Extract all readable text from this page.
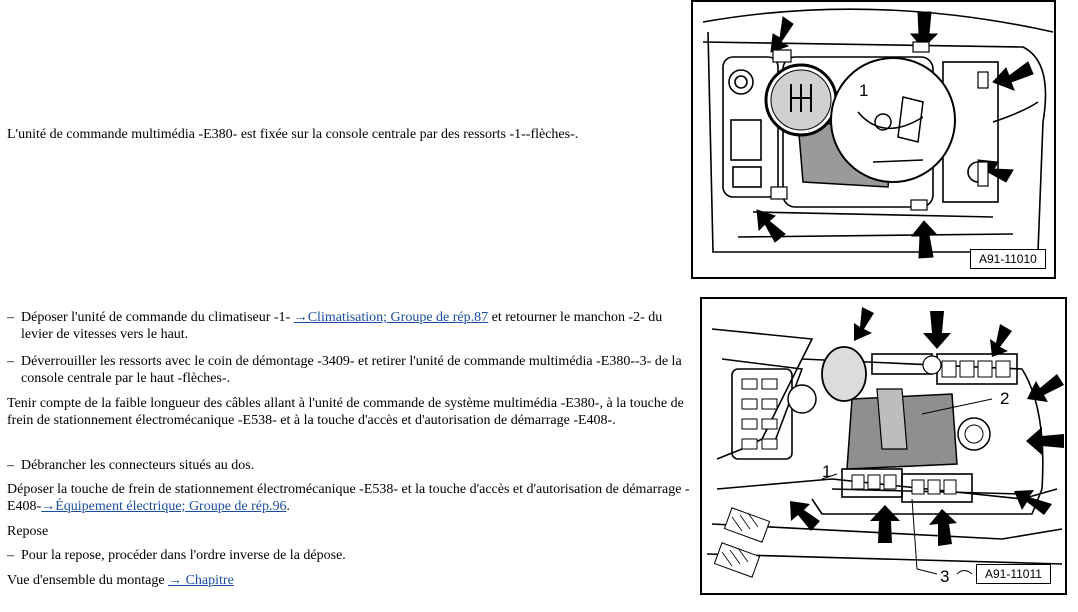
L'unité de commande multimédia -E380- est fixée sur la console centrale par des ressorts -1--flèches-.

1
A91-11010
– Déposer l'unité de commande du climatiseur -1- →Climatisation; Groupe de rép.87 et retourner le manchon -2- du levier de vitesses vers le haut.
– Déverrouiller les ressorts avec le coin de démontage -3409- et retirer l'unité de commande multimédia -E380--3- de la console centrale par le haut -flèches-.

Tenir compte de la faible longueur des câbles allant à l'unité de commande de système multimédia -E380-, à la touche de frein de stationnement électromécanique -E538- et à la touche d'accès et d'autorisation de démarrage -E408-.

– Débrancher les connecteurs situés au dos.

Déposer la touche de frein de stationnement électromécanique -E538- et la touche d'accès et d'autorisation de démarrage -E408-→Équipement électrique; Groupe de rép.96.

Repose

– Pour la repose, procéder dans l'ordre inverse de la dépose.

Vue d'ensemble du montage → Chapitre

1
2
3	A91-11011
